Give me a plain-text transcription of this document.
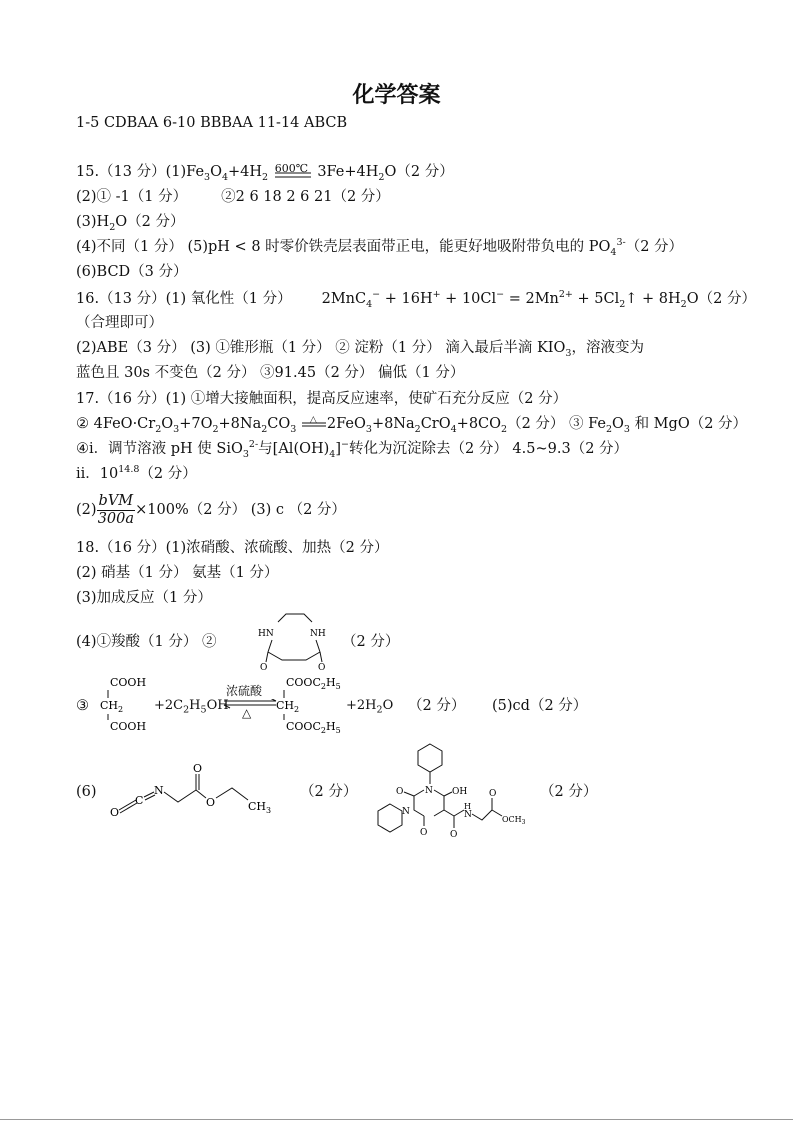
化学答案
1-5 CDBAA 6-10 BBBAA 11-14 ABCB
15.（13 分）$(1)Fe_3O_4+4H_2$
600℃ $3Fe+4H_2O(2$ 分）
(2)① -1（1 分） ②2 6 18 2 6 21（2 分）
$(3)H_2O(2$ 分）
(4)不同（1 分） (5)pH < 8 时零价铁壳层表面带正电，能更好地吸附带负电的 $PO_4^{3-}(2$ 分）
(6)BCD（3 分）
16.（13 分）(1) 氧化性（1 分） $2MnC_4^- + 16H^+ + 10Cl^- = 2Mn^{2+}$ + $5Cl_2↑ + 8H_2O(2$ 分）
（合理即可）
(2)ABE（3 分） (3) ①锥形瓶（1 分） ② 淀粉（1 分） 滴入最后半滴 $KIO_3$，溶液变为
蓝色且 30s 不变色（2 分） ③91.45（2 分） 偏低（1 分）
17.（16 分）(1) ①增大接触面积，提高反应速率，使矿石充分反应（2 分）
② $4FeO\cdot Cr_2O_3+7O_2+8Na_2CO_3$
△ $2FeO_3+8Na_2CrO_4+8CO_2(2$ 分） ③ $Fe_2O_3$ 和 MgO（2 分）
④ⅰ．调节溶液 pH 使 SiO$_3^{2-}$与$[Al(OH)_4]^-$转化为沉淀除去（2 分） 4.5~9.3（2 分）
ⅱ．$10^{14.8}(2$ 分）
$(2) \frac{\text{bVM}}{300a} \times 100\%(2$ 分） (3) c （2 分）
18.（16 分）(1)浓硝酸、浓硫酸、加热（2 分）
(2) 硝基（1 分） 氨基（1 分）
(3)加成反应（1 分）
(4)①羧酸（1 分） ②	HN	NH
O	O
（2 分）
③
COOH
$CH_2$
COOH
$+2C_2H_5OH$
浓硫酸
△
$COOC_2H_5$
$CH_2$
$COOC_2H_5$
$+2H_2O$ （2 分） (5)cd（2 分）
(6)
O
C
N
O
O	$CH_3$
（2 分）	N
O
N
O
OH
O
H
N
O
$OCH_3$
（2 分）
